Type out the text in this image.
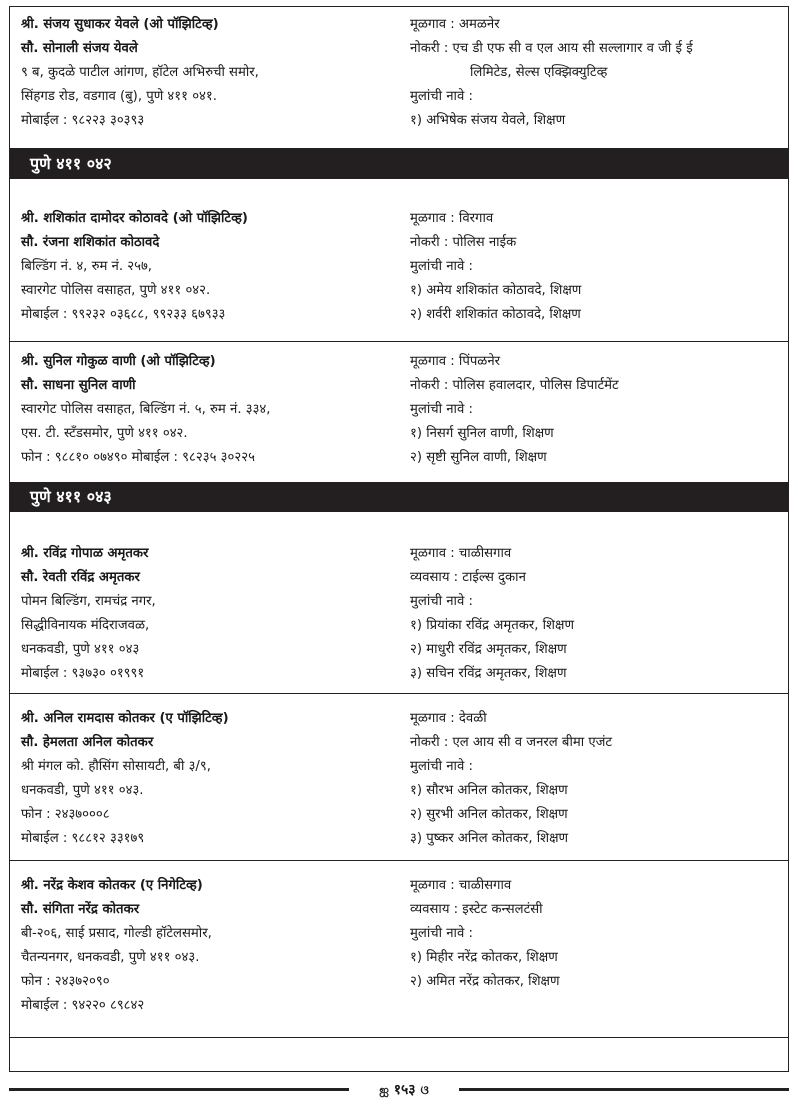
श्री. संजय सुधाकर येवले (ओ पॉझिटिव्ह)
सौ. सोनाली संजय येवले
९ ब, कुदळे पाटील आंगण, हॉटेल अभिरुची समोर,
सिंहगड रोड, वडगाव (बु), पुणे ४११ ०४१.
मोबाईल : ९८२२३ ३०३९३
मूळगाव : अमळनेर
नोकरी : एच डी एफ सी व एल आय सी सल्लागार व जी ई ई
लिमिटेड, सेल्स एक्झिक्युटिव्ह
मुलांची नावे :
१) अभिषेक संजय येवले, शिक्षण
पुणे ४११ ०४२
श्री. शशिकांत दामोदर कोठावदे (ओ पॉझिटिव्ह)
सौ. रंजना शशिकांत कोठावदे
बिल्डिंग नं. ४, रुम नं. २५७,
स्वारगेट पोलिस वसाहत, पुणे ४११ ०४२.
मोबाईल : ९९२३२ ०३६८८, ९९२३३ ६७९३३
मूळगाव : विरगाव
नोकरी : पोलिस नाईक
मुलांची नावे :
१) अमेय शशिकांत कोठावदे, शिक्षण
२) शर्वरी शशिकांत कोठावदे, शिक्षण
श्री. सुनिल गोकुळ वाणी (ओ पॉझिटिव्ह)
सौ. साधना सुनिल वाणी
स्वारगेट पोलिस वसाहत, बिल्डिंग नं. ५, रुम नं. ३३४,
एस. टी. स्टॅंडसमोर, पुणे ४११ ०४२.
फोन : ९८८१० ०७४९० मोबाईल : ९८२३५ ३०२२५
मूळगाव : पिंपळनेर
नोकरी : पोलिस हवालदार, पोलिस डिपार्टमेंट
मुलांची नावे :
१) निसर्ग सुनिल वाणी, शिक्षण
२) सृष्टी सुनिल वाणी, शिक्षण
पुणे ४११ ०४३
श्री. रविंद्र गोपाळ अमृतकर
सौ. रेवती रविंद्र अमृतकर
पोमन बिल्डिंग, रामचंद्र नगर,
सिद्धीविनायक मंदिराजवळ,
धनकवडी, पुणे ४११ ०४३
मोबाईल : ९३७३० ०१९९१
मूळगाव : चाळीसगाव
व्यवसाय : टाईल्स दुकान
मुलांची नावे :
१) प्रियांका रविंद्र अमृतकर, शिक्षण
२) माधुरी रविंद्र अमृतकर, शिक्षण
३) सचिन रविंद्र अमृतकर, शिक्षण
श्री. अनिल रामदास कोतकर (ए पॉझिटिव्ह)
सौ. हेमलता अनिल कोतकर
श्री मंगल को. हौसिंग सोसायटी, बी ३/९,
धनकवडी, पुणे ४११ ०४३.
फोन : २४३७०००८
मोबाईल : ९८८१२ ३३१७९
मूळगाव : देवळी
नोकरी : एल आय सी व जनरल बीमा एजंट
मुलांची नावे :
१) सौरभ अनिल कोतकर, शिक्षण
२) सुरभी अनिल कोतकर, शिक्षण
३) पुष्कर अनिल कोतकर, शिक्षण
श्री. नरेंद्र केशव कोतकर (ए निगेटिव्ह)
सौ. संगिता नरेंद्र कोतकर
बी-२०६, साई प्रसाद, गोल्डी हॉटेलसमोर,
चैतन्यनगर, धनकवडी, पुणे ४११ ०४३.
फोन : २४३७२०९०
मोबाईल : ९४२२० ८९८४२
मूळगाव : चाळीसगाव
व्यवसाय : इस्टेट कन्सलटंसी
मुलांची नावे :
१) मिहीर नरेंद्र कोतकर, शिक्षण
२) अमित नरेंद्र कोतकर, शिक्षण
ஐ १५३ ଓ
